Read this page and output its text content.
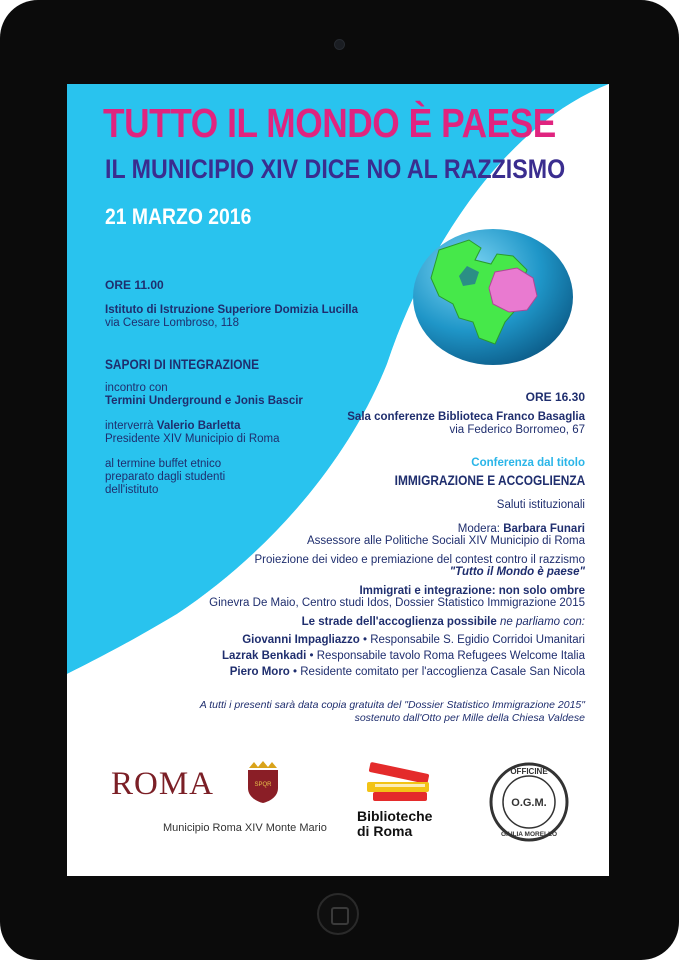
TUTTO IL MONDO È PAESE

IL MUNICIPIO XIV DICE NO AL RAZZISMO

21 MARZO 2016

ORE 11.00

Istituto di Istruzione Superiore Domizia Lucilla

via Cesare Lombroso, 118

SAPORI DI INTEGRAZIONE

incontro con

Termini Underground e Jonis Bascir

interverrà Valerio Barletta

Presidente XIV Municipio di Roma

al termine buffet etnico

preparato dagli studenti

dell'istituto

ORE 16.30

Sala conferenze Biblioteca Franco Basaglia

via Federico Borromeo, 67

Conferenza dal titolo

IMMIGRAZIONE E ACCOGLIENZA

Saluti istituzionali

Modera: Barbara Funari

Assessore alle Politiche Sociali XIV Municipio di Roma

Proiezione dei video e premiazione del contest contro il razzismo

"Tutto il Mondo è paese"

Immigrati e integrazione: non solo ombre

Ginevra De Maio, Centro studi Idos, Dossier Statistico Immigrazione 2015

Le strade dell'accoglienza possibile ne parliamo con:

Giovanni Impagliazzo • Responsabile S. Egidio Corridoi Umanitari

Lazrak Benkadi • Responsabile tavolo Roma Refugees Welcome Italia

Piero Moro • Residente comitato per l'accoglienza Casale San Nicola

A tutti i presenti sarà data copia gratuita del "Dossier Statistico Immigrazione 2015"

sostenuto dall'Otto per Mille della Chiesa Valdese

ROMA	SPQR
Municipio Roma XIV Monte Mario
Biblioteche
di Roma
OFFICINE
O.G.M.
GIULIA MORELLO
